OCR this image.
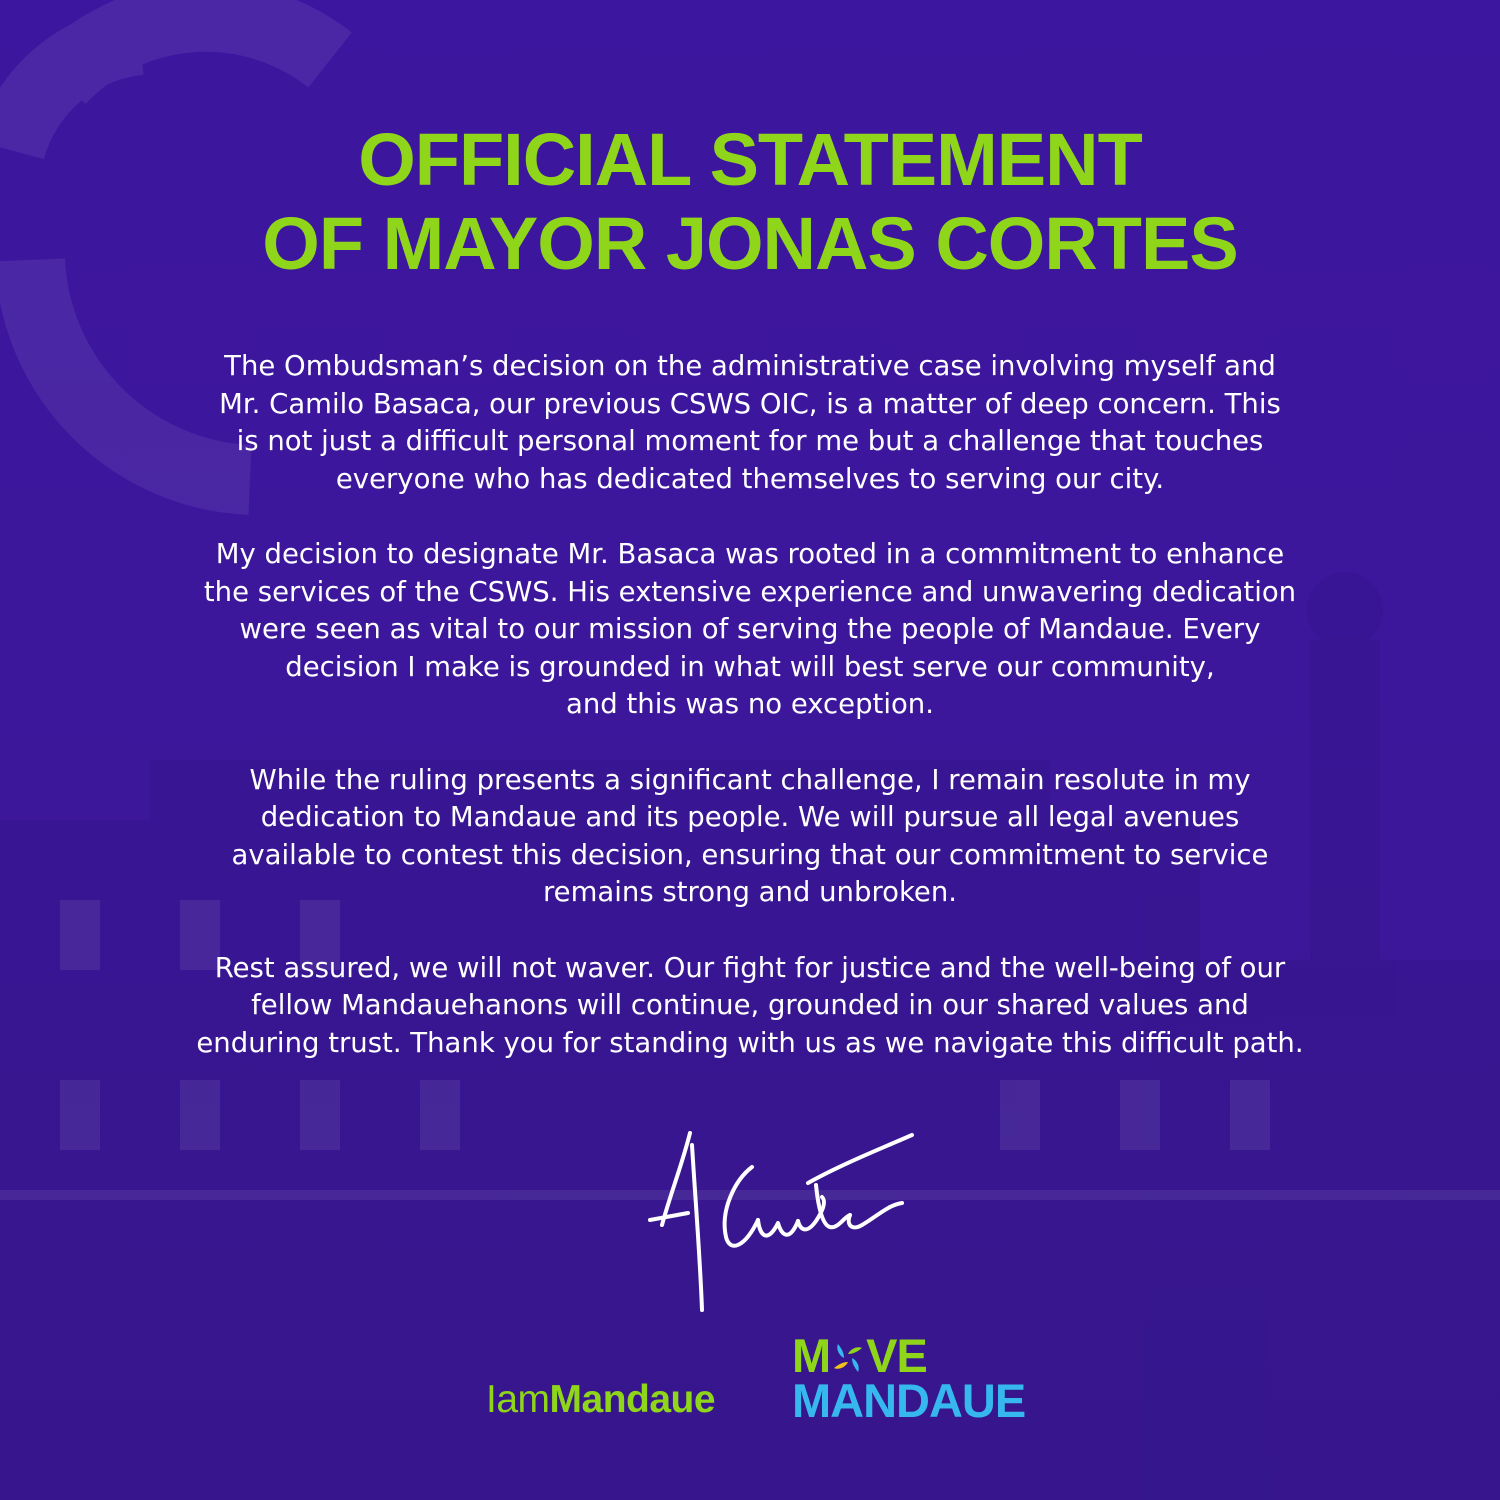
OFFICIAL STATEMENT
OF MAYOR JONAS CORTES

The Ombudsman’s decision on the administrative case involving myself and
Mr. Camilo Basaca, our previous CSWS OIC, is a matter of deep concern. This
is not just a difficult personal moment for me but a challenge that touches
everyone who has dedicated themselves to serving our city.

My decision to designate Mr. Basaca was rooted in a commitment to enhance
the services of the CSWS. His extensive experience and unwavering dedication
were seen as vital to our mission of serving the people of Mandaue. Every
decision I make is grounded in what will best serve our community,
and this was no exception.

While the ruling presents a significant challenge, I remain resolute in my
dedication to Mandaue and its people. We will pursue all legal avenues
available to contest this decision, ensuring that our commitment to service
remains strong and unbroken.

Rest assured, we will not waver. Our fight for justice and the well-being of our
fellow Mandauehanons will continue, grounded in our shared values and
enduring trust. Thank you for standing with us as we navigate this difficult path.

IamMandaue
M VE
MANDAUE
